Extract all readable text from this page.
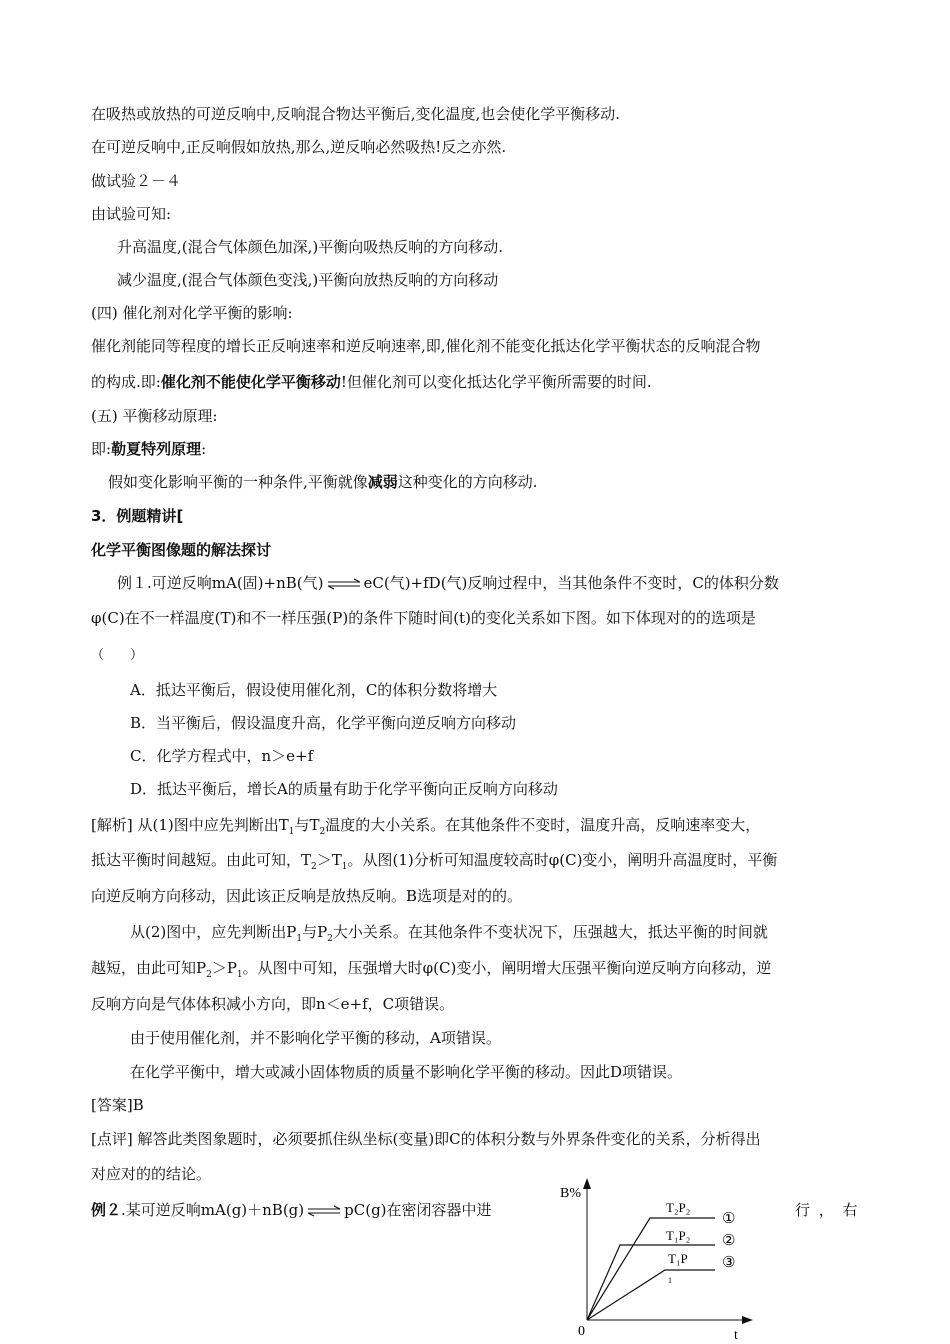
在吸热或放热的可逆反响中,反响混合物达平衡后,变化温度,也会使化学平衡移动.
在可逆反响中,正反响假如放热,那么,逆反响必然吸热!反之亦然.
做试验２－４
由试验可知:
升高温度,(混合气体颜色加深,)平衡向吸热反响的方向移动.
减少温度,(混合气体颜色变浅,)平衡向放热反响的方向移动
(四) 催化剂对化学平衡的影响:
催化剂能同等程度的增长正反响速率和逆反响速率,即,催化剂不能变化抵达化学平衡状态的反响混合物
的构成.即:催化剂不能使化学平衡移动!但催化剂可以变化抵达化学平衡所需要的时间.
(五) 平衡移动原理:
即:勒夏特列原理:
假如变化影响平衡的一种条件,平衡就像减弱这种变化的方向移动.
3．例题精讲[
化学平衡图像题的解法探讨
例１.可逆反响mA(固)+nB(气) ⇌ eC(气)+fD(气)反响过程中，当其他条件不变时，C的体积分数
φ(C)在不一样温度(T)和不一样压强(P)的条件下随时间(t)的变化关系如下图。如下体现对的的选项是
（　　）
A．抵达平衡后，假设使用催化剂，C的体积分数将增大
B．当平衡后，假设温度升高，化学平衡向逆反响方向移动
C．化学方程式中，n＞e+f
D．抵达平衡后，增长A的质量有助于化学平衡向正反响方向移动
[解析] 从(1)图中应先判断出$T_1$与$T_2$温度的大小关系。在其他条件不变时，温度升高，反响速率变大，
抵达平衡时间越短。由此可知，$T_2>T_1$。从图(1)分析可知温度较高时φ(C)变小，阐明升高温度时，平衡
向逆反响方向移动，因此该正反响是放热反响。B选项是对的的。
从(2)图中，应先判断出$P_1$与$P_2$大小关系。在其他条件不变状况下，压强越大，抵达平衡的时间就
越短，由此可知$P_2>P_1$。从图中可知，压强增大时φ(C)变小，阐明增大压强平衡向逆反响方向移动，逆
反响方向是气体体积减小方向，即n＜e+f，C项错误。
由于使用催化剂，并不影响化学平衡的移动，A项错误。
在化学平衡中，增大或减小固体物质的质量不影响化学平衡的移动。因此D项错误。
[答案]B
[点评] 解答此类图象题时，必须要抓住纵坐标(变量)即C的体积分数与外界条件变化的关系，分析得出
对应对的的结论。
例２.某可逆反响mA(g)＋nB(g) ⇌ pC(g)在密闭容器中进	行 ， 右
B%
t
0
T₂P₂
T₁P₂
T₁P
1
①
②
③
